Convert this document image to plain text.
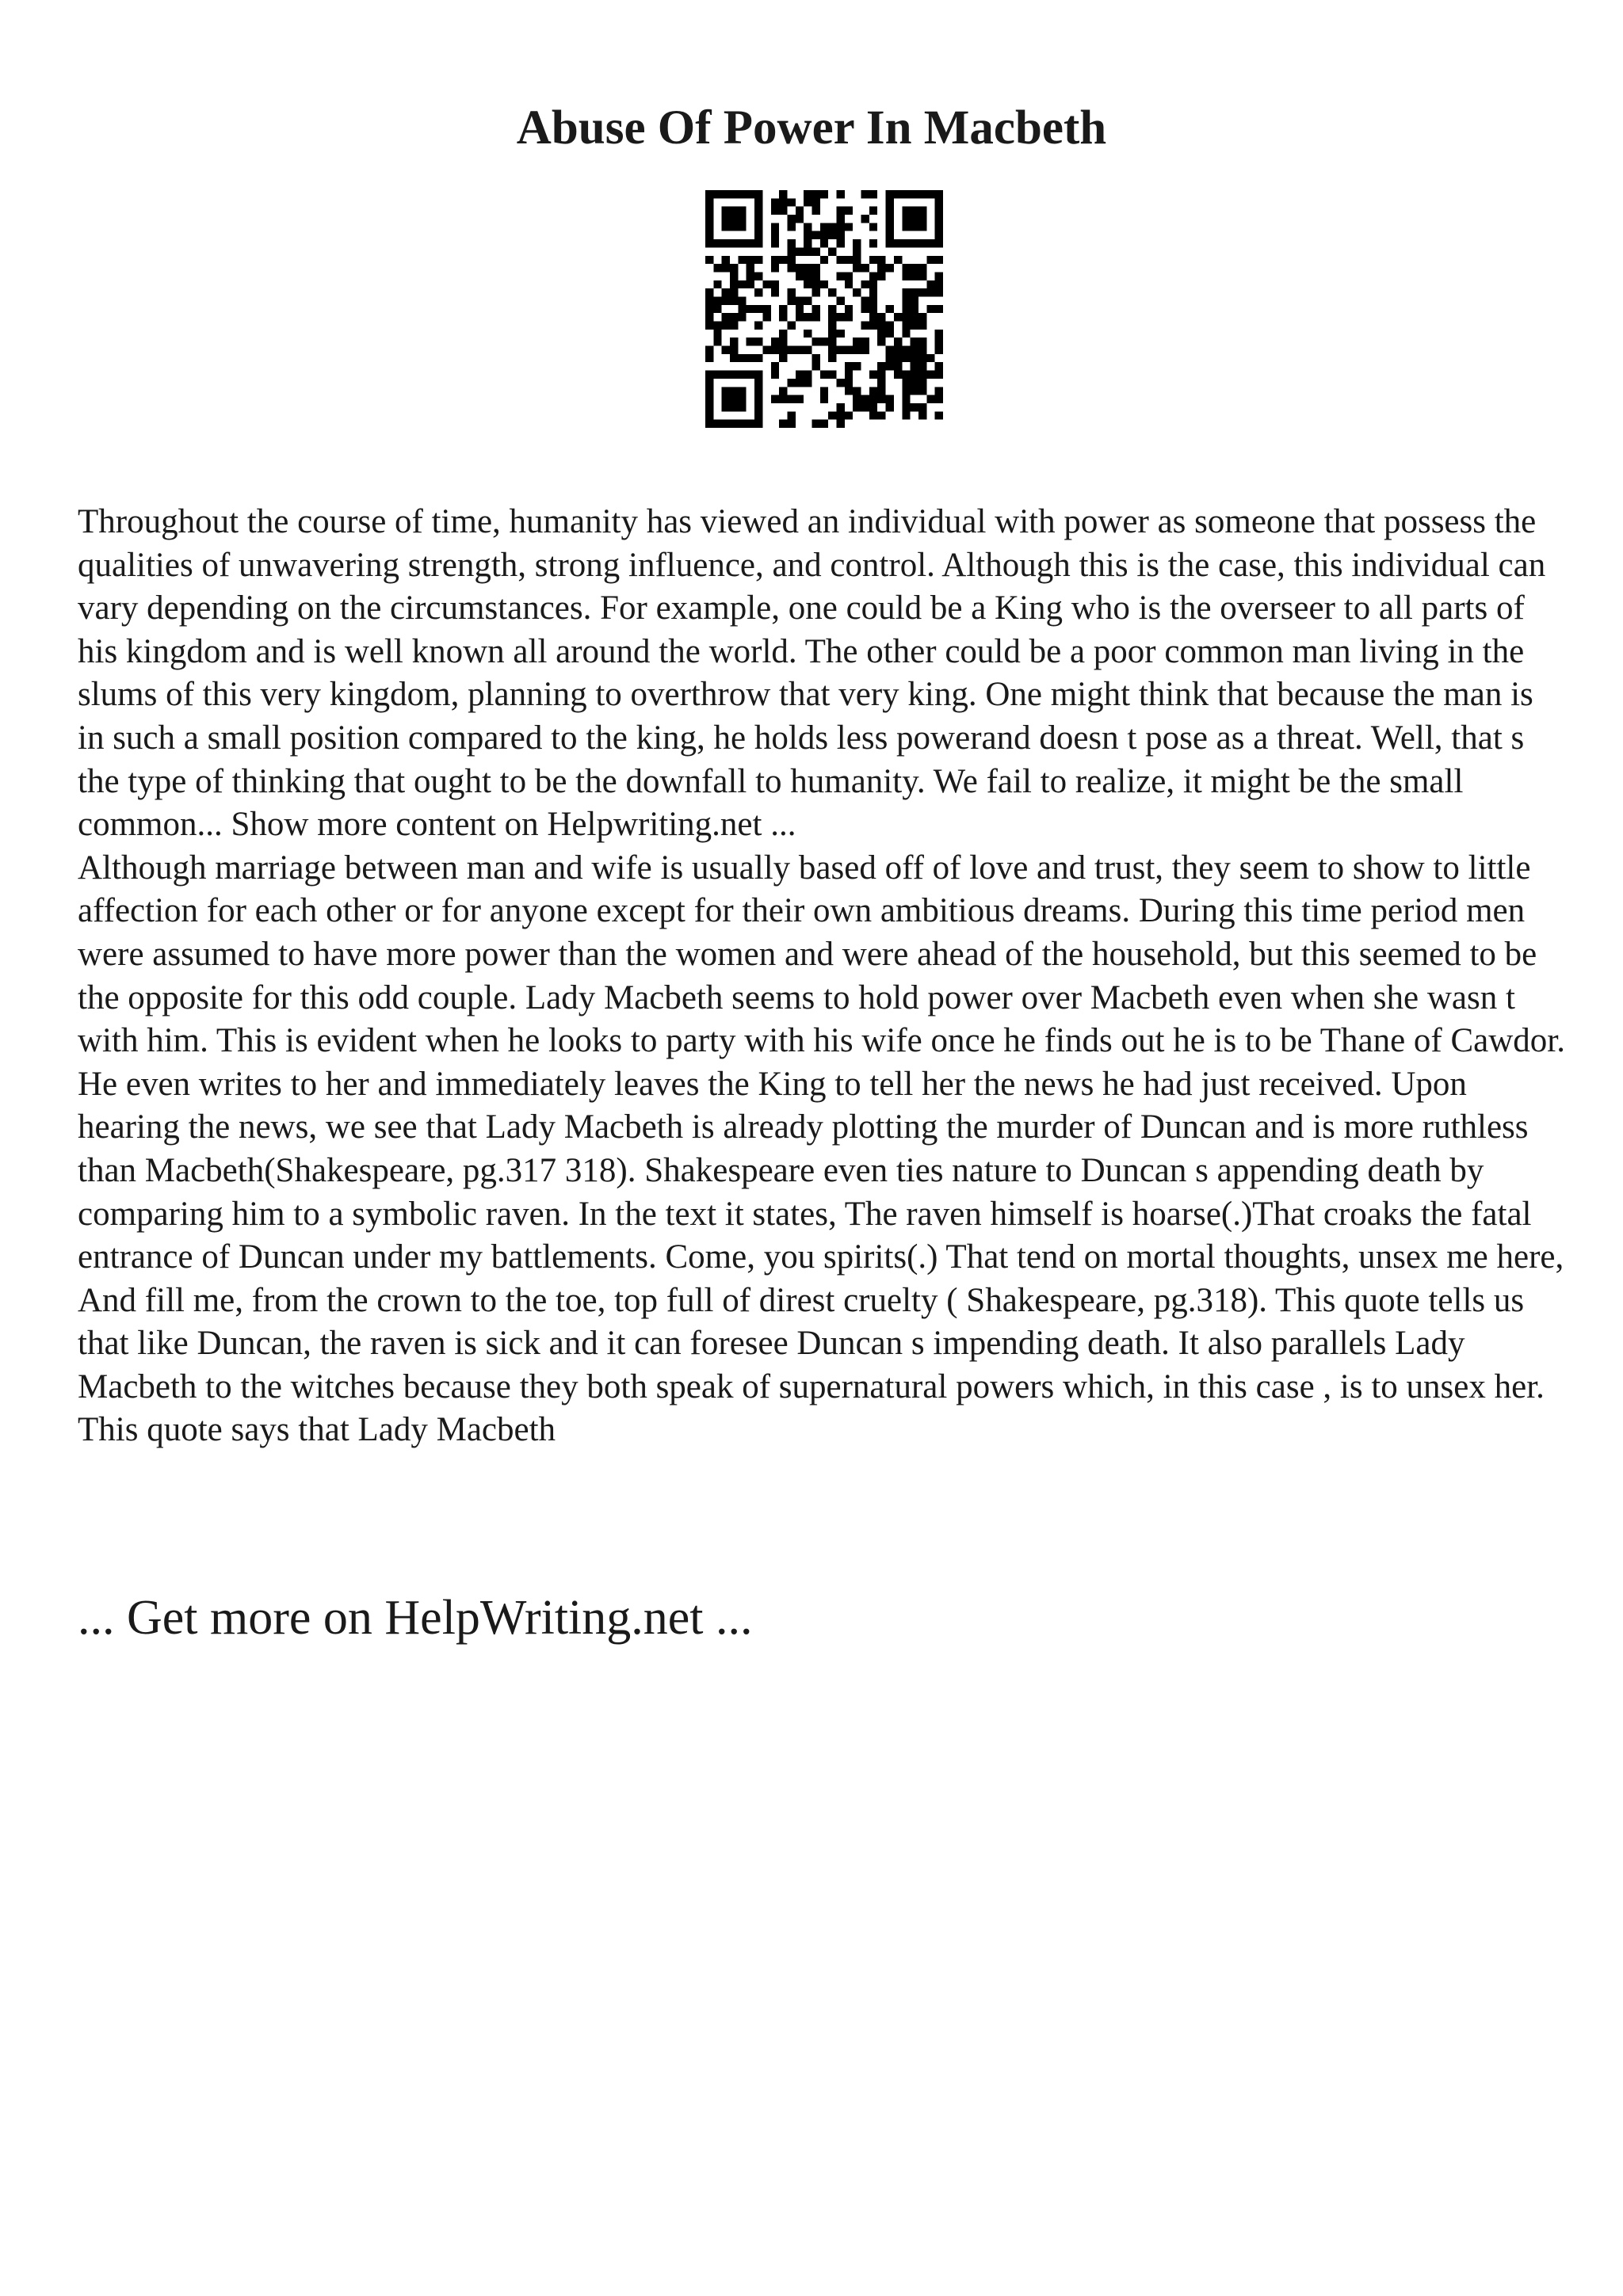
Abuse Of Power In Macbeth

Throughout the course of time, humanity has viewed an individual with power as someone that possess the qualities of unwavering strength, strong influence, and control. Although this is the case, this individual can vary depending on the circumstances. For example, one could be a King who is the overseer to all parts of his kingdom and is well known all around the world. The other could be a poor common man living in the slums of this very kingdom, planning to overthrow that very king. One might think that because the man is in such a small position compared to the king, he holds less powerand doesn t pose as a threat. Well, that s the type of thinking that ought to be the downfall to humanity. We fail to realize, it might be the small common... Show more content on Helpwriting.net ...

Although marriage between man and wife is usually based off of love and trust, they seem to show to little affection for each other or for anyone except for their own ambitious dreams. During this time period men were assumed to have more power than the women and were ahead of the household, but this seemed to be the opposite for this odd couple. Lady Macbeth seems to hold power over Macbeth even when she wasn t with him. This is evident when he looks to party with his wife once he finds out he is to be Thane of Cawdor. He even writes to her and immediately leaves the King to tell her the news he had just received. Upon hearing the news, we see that Lady Macbeth is already plotting the murder of Duncan and is more ruthless than Macbeth(Shakespeare, pg.317 318). Shakespeare even ties nature to Duncan s appending death by comparing him to a symbolic raven. In the text it states, The raven himself is hoarse(.)That croaks the fatal entrance of Duncan under my battlements. Come, you spirits(.) That tend on mortal thoughts, unsex me here, And fill me, from the crown to the toe, top full of direst cruelty ( Shakespeare, pg.318). This quote tells us that like Duncan, the raven is sick and it can foresee Duncan s impending death. It also parallels Lady Macbeth to the witches because they both speak of supernatural powers which, in this case , is to unsex her. This quote says that Lady Macbeth

... Get more on HelpWriting.net ...
